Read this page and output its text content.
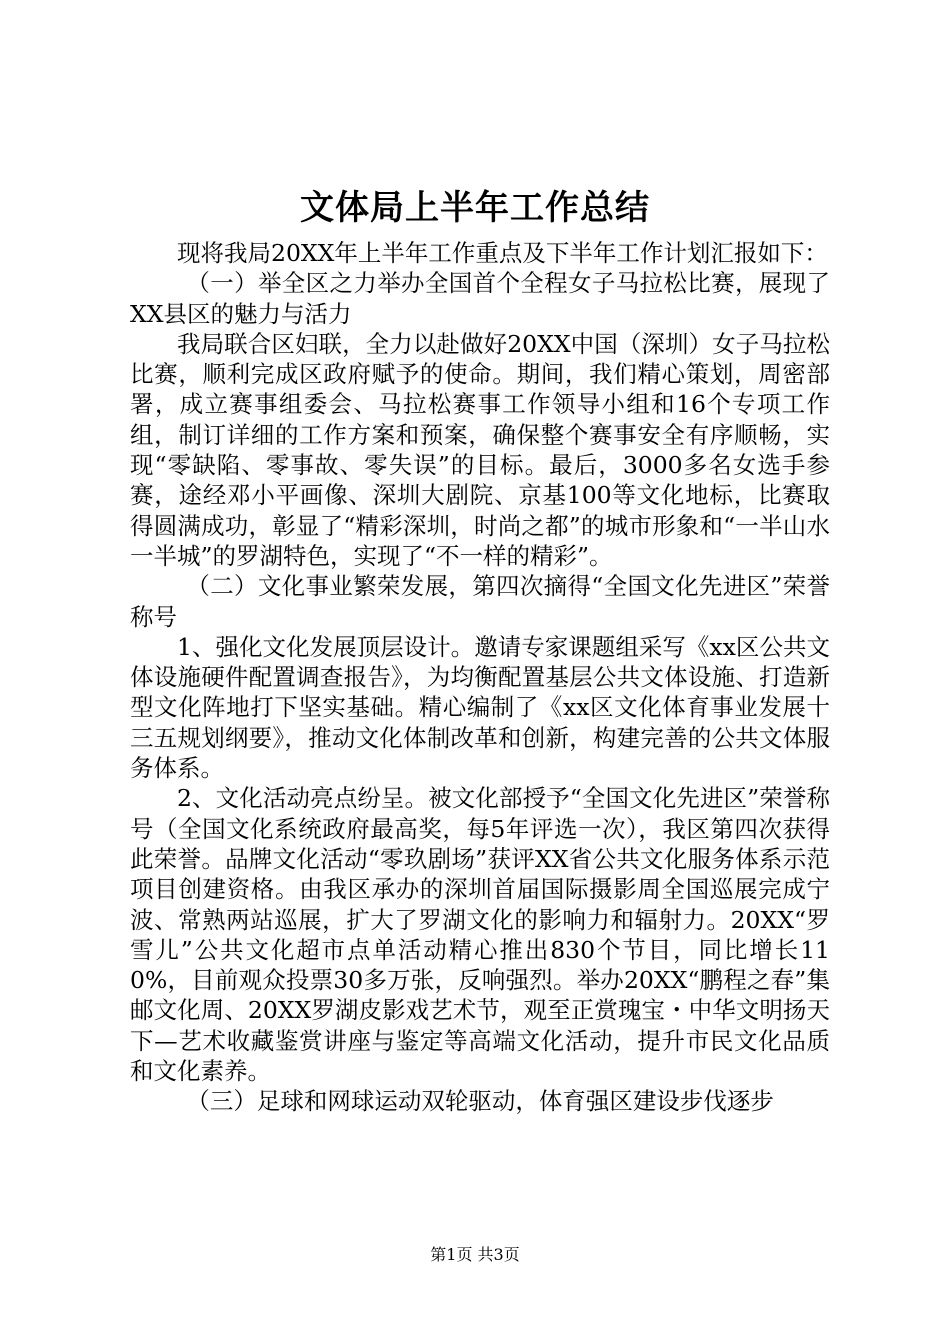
文体局上半年工作总结

现将我局20XX年上半年工作重点及下半年工作计划汇报如下：

（一）举全区之力举办全国首个全程女子马拉松比赛，展现了XX县区的魅力与活力

我局联合区妇联，全力以赴做好20XX中国（深圳）女子马拉松比赛，顺利完成区政府赋予的使命。期间，我们精心策划，周密部署，成立赛事组委会、马拉松赛事工作领导小组和16个专项工作组，制订详细的工作方案和预案，确保整个赛事安全有序顺畅，实现“零缺陷、零事故、零失误”的目标。最后，3000多名女选手参赛，途经邓小平画像、深圳大剧院、京基100等文化地标，比赛取得圆满成功，彰显了“精彩深圳，时尚之都”的城市形象和“一半山水一半城”的罗湖特色，实现了“不一样的精彩”。

（二）文化事业繁荣发展，第四次摘得“全国文化先进区”荣誉称号

1、强化文化发展顶层设计。邀请专家课题组采写《xx区公共文体设施硬件配置调查报告》，为均衡配置基层公共文体设施、打造新型文化阵地打下坚实基础。精心编制了《xx区文化体育事业发展十三五规划纲要》，推动文化体制改革和创新，构建完善的公共文体服务体系。

2、文化活动亮点纷呈。被文化部授予“全国文化先进区”荣誉称号（全国文化系统政府最高奖，每5年评选一次），我区第四次获得此荣誉。品牌文化活动“零玖剧场”获评XX省公共文化服务体系示范项目创建资格。由我区承办的深圳首届国际摄影周全国巡展完成宁波、常熟两站巡展，扩大了罗湖文化的影响力和辐射力。20XX“罗雪儿”公共文化超市点单活动精心推出830个节目，同比增长110%，目前观众投票30多万张，反响强烈。举办20XX“鹏程之春”集邮文化周、20XX罗湖皮影戏艺术节，观至正赏瑰宝・中华文明扬天下—艺术收藏鉴赏讲座与鉴定等高端文化活动，提升市民文化品质和文化素养。

（三）足球和网球运动双轮驱动，体育强区建设步伐逐步

第1页 共3页
